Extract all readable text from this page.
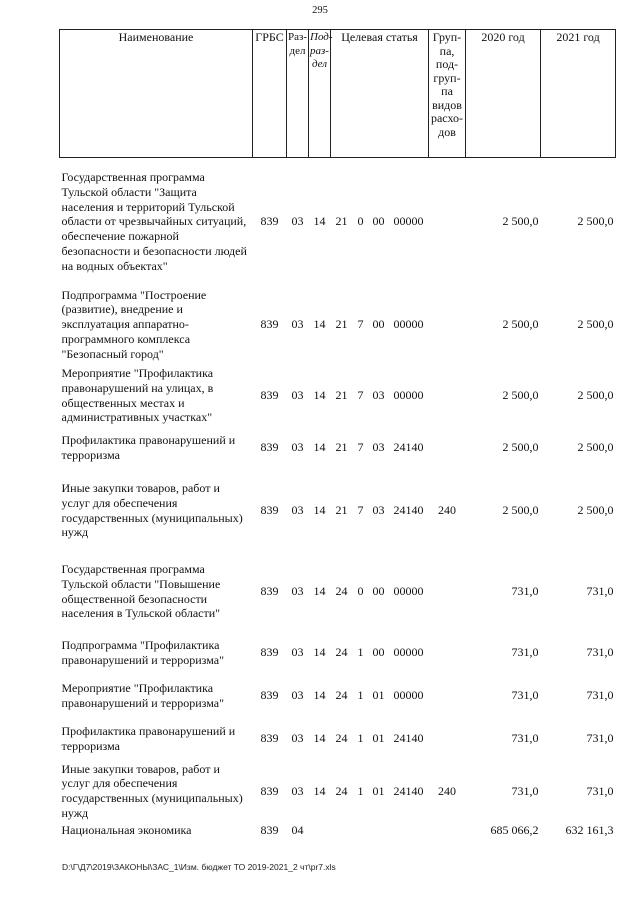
295
Наименование	ГРБС	Раз-дел	Под-раз-дел	Целевая статья				Груп-па, под-груп-па видов расхо-дов	2020 год	2021 год
Государственная программа Тульской области "Защита населения и территорий Тульской области от чрезвычайных ситуаций, обеспечение пожарной безопасности и безопасности людей на водных объектах"	839	03	14	21	0	00	00000		2 500,0	2 500,0
Подпрограмма "Построение (развитие), внедрение и эксплуатация аппаратно-программного комплекса "Безопасный город"	839	03	14	21	7	00	00000		2 500,0	2 500,0
Мероприятие "Профилактика правонарушений на улицах, в общественных местах и административных участках"	839	03	14	21	7	03	00000		2 500,0	2 500,0
Профилактика правонарушений и терроризма	839	03	14	21	7	03	24140		2 500,0	2 500,0
Иные закупки товаров, работ и услуг для обеспечения государственных (муниципальных) нужд	839	03	14	21	7	03	24140	240	2 500,0	2 500,0
Государственная программа Тульской области "Повышение общественной безопасности населения в Тульской области"	839	03	14	24	0	00	00000		731,0	731,0
Подпрограмма "Профилактика правонарушений и терроризма"	839	03	14	24	1	00	00000		731,0	731,0
Мероприятие "Профилактика правонарушений и терроризма"	839	03	14	24	1	01	00000		731,0	731,0
Профилактика правонарушений и терроризма	839	03	14	24	1	01	24140		731,0	731,0
Иные закупки товаров, работ и услуг для обеспечения государственных (муниципальных) нужд	839	03	14	24	1	01	24140	240	731,0	731,0
Национальная экономика	839	04							685 066,2	632 161,3
D:\Г\Д7\2019\ЗАКОНЫ\ЗАС_1\Изм. бюджет ТО 2019-2021_2 чт\pr7.xls
